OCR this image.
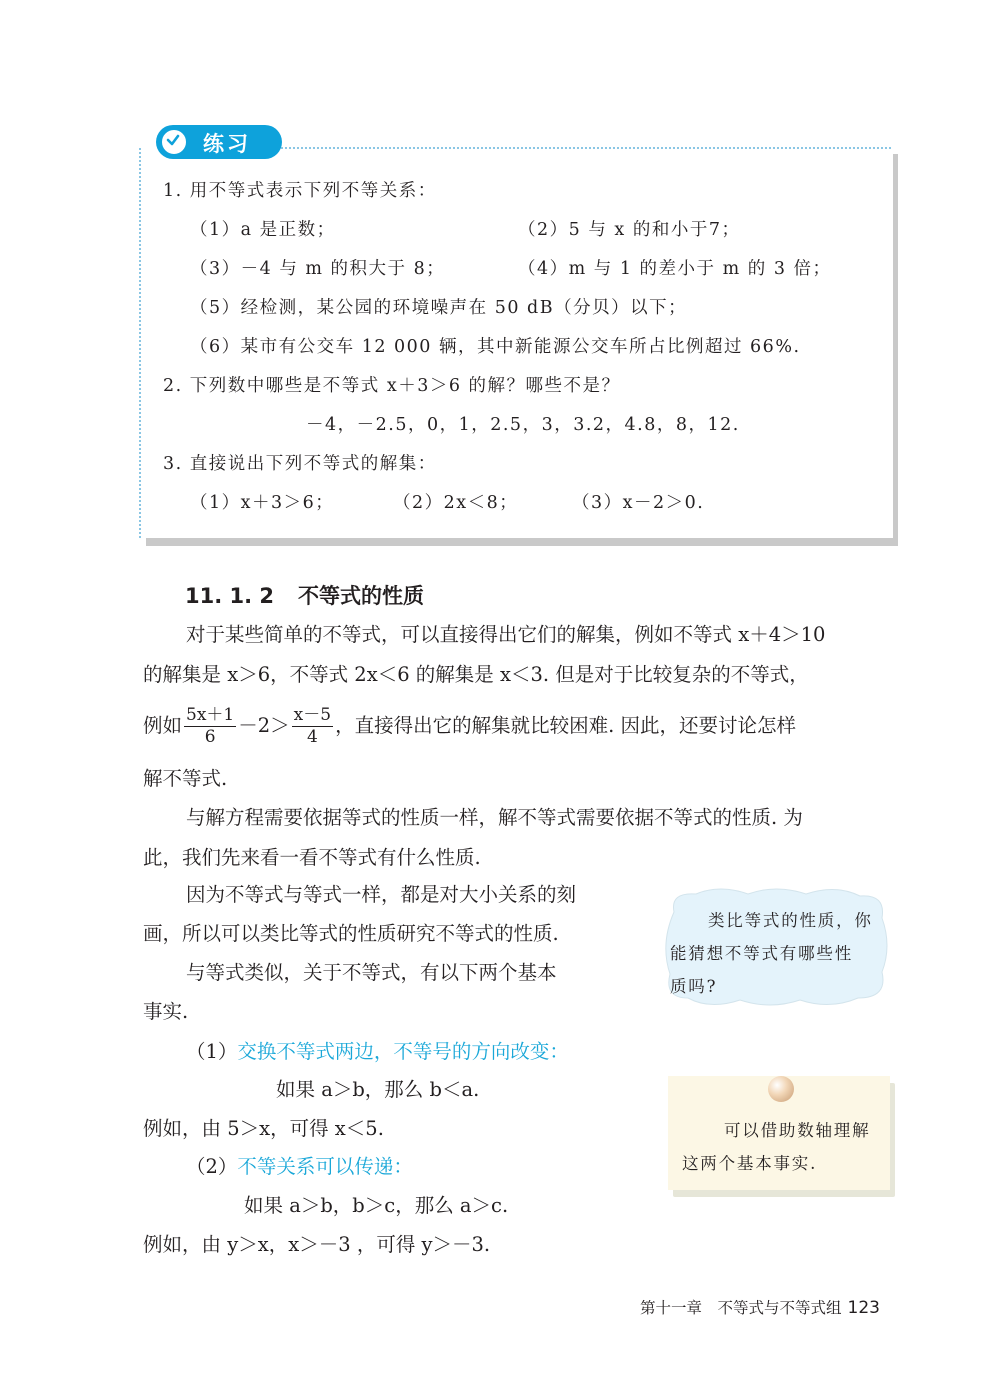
练习
1. 用不等式表示下列不等关系：
（1）a 是正数；	（2）5 与 x 的和小于7；
（3）－4 与 m 的积大于 8；	（4）m 与 1 的差小于 m 的 3 倍；
（5）经检测，某公园的环境噪声在 50 dB（分贝）以下；
（6）某市有公交车 12 000 辆，其中新能源公交车所占比例超过 66%.
2. 下列数中哪些是不等式 x＋3＞6 的解？哪些不是？
－4，－2.5，0，1，2.5，3，3.2，4.8，8，12.
3. 直接说出下列不等式的解集：
（1）x＋3＞6；	（2）2x＜8；	（3）x－2＞0.
11. 1. 2 不等式的性质
对于某些简单的不等式，可以直接得出它们的解集，例如不等式 x＋4＞10
的解集是 x＞6，不等式 2x＜6 的解集是 x＜3. 但是对于比较复杂的不等式，
例如 $\frac{5x+1}{6} -2> \frac{x-5}{4}$ ，直接得出它的解集就比较困难. 因此，还要讨论怎样
解不等式.
与解方程需要依据等式的性质一样，解不等式需要依据不等式的性质. 为
此，我们先来看一看不等式有什么性质.
因为不等式与等式一样，都是对大小关系的刻
画，所以可以类比等式的性质研究不等式的性质.
与等式类似，关于不等式，有以下两个基本
事实.
（1）交换不等式两边，不等号的方向改变：
如果 a＞b，那么 b＜a.
例如，由 5＞x，可得 x＜5.
（2）不等关系可以传递：
如果 a＞b，b＞c，那么 a＞c.
例如，由 y＞x，x＞－3 ，可得 y＞－3.
类比等式的性质，你
能猜想不等式有哪些性
质吗?
可以借助数轴理解
这两个基本事实.
第十一章　不等式与不等式组 123
